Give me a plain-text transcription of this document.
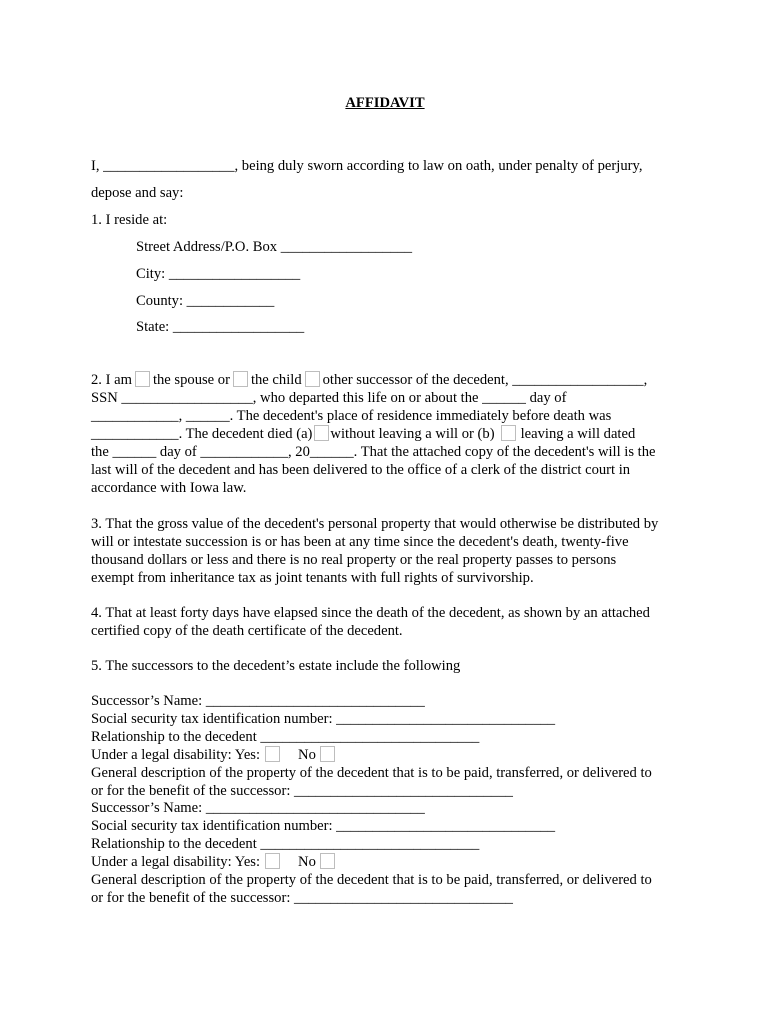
AFFIDAVIT
I, __________________, being duly sworn according to law on oath, under penalty of perjury,
depose and say:
1. I reside at:
Street Address/P.O. Box __________________
City: __________________
County: ____________
State: __________________
2. I am the spouse or the child other successor of the decedent, __________________,
SSN __________________, who departed this life on or about the ______ day of
____________, ______. The decedent's place of residence immediately before death was
____________. The decedent died (a) without leaving a will or (b) leaving a will dated
the ______ day of ____________, 20______. That the attached copy of the decedent's will is the
last will of the decedent and has been delivered to the office of a clerk of the district court in
accordance with Iowa law.
3. That the gross value of the decedent's personal property that would otherwise be distributed by
will or intestate succession is or has been at any time since the decedent's death, twenty-five
thousand dollars or less and there is no real property or the real property passes to persons
exempt from inheritance tax as joint tenants with full rights of survivorship.
4. That at least forty days have elapsed since the death of the decedent, as shown by an attached
certified copy of the death certificate of the decedent.
5. The successors to the decedent’s estate include the following
Successor’s Name: ______________________________
Social security tax identification number: ______________________________
Relationship to the decedent ______________________________
Under a legal disability: Yes:	No
General description of the property of the decedent that is to be paid, transferred, or delivered to
or for the benefit of the successor: ______________________________
Successor’s Name: ______________________________
Social security tax identification number: ______________________________
Relationship to the decedent ______________________________
Under a legal disability: Yes:	No
General description of the property of the decedent that is to be paid, transferred, or delivered to
or for the benefit of the successor: ______________________________
